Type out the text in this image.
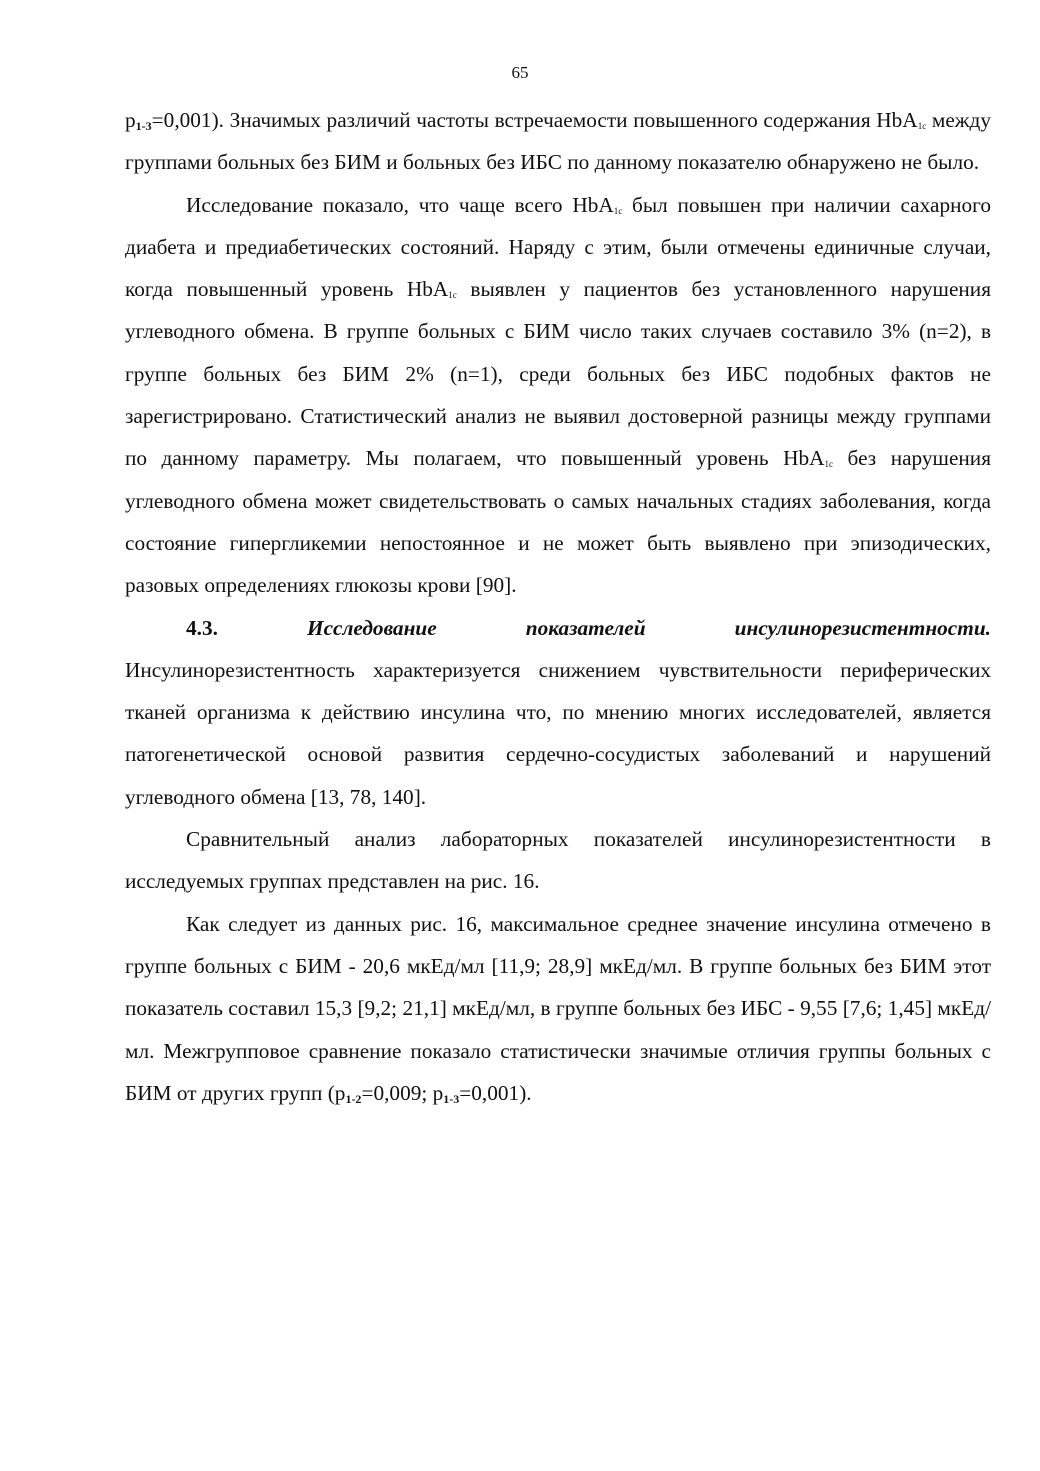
65

$p_{1-3}=0,001$). Значимых различий частоты встречаемости повышенного содержания HbA$_{1c}$ между группами больных без БИМ и больных без ИБС по данному показателю обнаружено не было.

Исследование показало, что чаще всего HbA$_{1c}$ был повышен при наличии сахарного диабета и предиабетических состояний. Наряду с этим, были отмечены единичные случаи, когда повышенный уровень HbA$_{1c}$ выявлен у пациентов без установленного нарушения углеводного обмена. В группе больных с БИМ число таких случаев составило 3% (n=2), в группе больных без БИМ 2% (n=1), среди больных без ИБС подобных фактов не зарегистрировано. Статистический анализ не выявил достоверной разницы между группами по данному параметру. Мы полагаем, что повышенный уровень HbA$_{1c}$ без нарушения углеводного обмена может свидетельствовать о самых начальных стадиях заболевания, когда состояние гипергликемии непостоянное и не может быть выявлено при эпизодических, разовых определениях глюкозы крови [90].

4.3.	Исследование	показателей	инсулинорезистентности.

Инсулинорезистентность характеризуется снижением чувствительности периферических тканей организма к действию инсулина что, по мнению многих исследователей, является патогенетической основой развития сердечно-сосудистых заболеваний и нарушений углеводного обмена [13, 78, 140].

Сравнительный анализ лабораторных показателей инсулинорезистентности в исследуемых группах представлен на рис. 16.

Как следует из данных рис. 16, максимальное среднее значение инсулина отмечено в группе больных с БИМ - 20,6 мкЕд/мл [11,9; 28,9] мкЕд/мл. В группе больных без БИМ этот показатель составил 15,3 [9,2; 21,1] мкЕд/мл, в группе больных без ИБС - 9,55 [7,6; 1,45] мкЕд/мл. Межгрупповое сравнение показало статистически значимые отличия группы больных с БИМ от других групп ($p_{1-2}=0,009$; $p_{1-3}=0,001$).
